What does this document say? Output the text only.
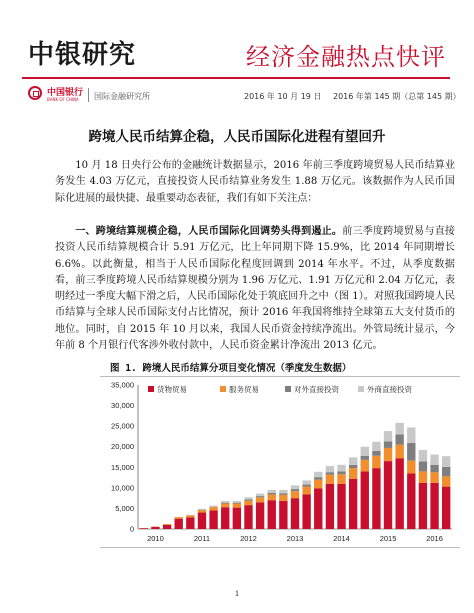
中银研究	经济金融热点快评
中国银行
BANK OF CHINA 国际金融研究所	2016 年 10 月 19 日 2016 年第 145 期（总第 145 期）
跨境人民币结算企稳，人民币国际化进程有望回升

10 月 18 日央行公布的金融统计数据显示，2016 年前三季度跨境贸易人民币结算业务发生 4.03 万亿元，直接投资人民币结算业务发生 1.88 万亿元。该数据作为人民币国际化进展的最快捷、最重要动态表征，我们有如下关注点：

一、跨境结算规模企稳，人民币国际化回调势头得到遏止。前三季度跨境贸易与直接投资人民币结算规模合计 5.91 万亿元，比上年同期下降 15.9%，比 2014 年同期增长 6.6%。以此衡量，相当于人民币国际化程度回调到 2014 年水平。不过，从季度数据看，前三季度跨境人民币结算规模分别为 1.96 万亿元、1.91 万亿元和 2.04 万亿元，表明经过一季度大幅下滑之后，人民币国际化处于筑底回升之中（图 1）。对照我国跨境人民币结算与全球人民币国际支付占比情况，预计 2016 年我国将维持全球第五大支付货币的地位。同时，自 2015 年 10 月以来，我国人民币资金持续净流出。外管局统计显示，今年前 8 个月银行代客涉外收付款中，人民币资金累计净流出 2013 亿元。

图 1. 跨境人民币结算分项目变化情况（季度发生数据）
0
5,000
10,000
15,000
20,000
25,000
30,000
35,000
2010	2011	2012	2013	2014	2015	2016
货物贸易	服务贸易	对外直接投资	外商直接投资
1
